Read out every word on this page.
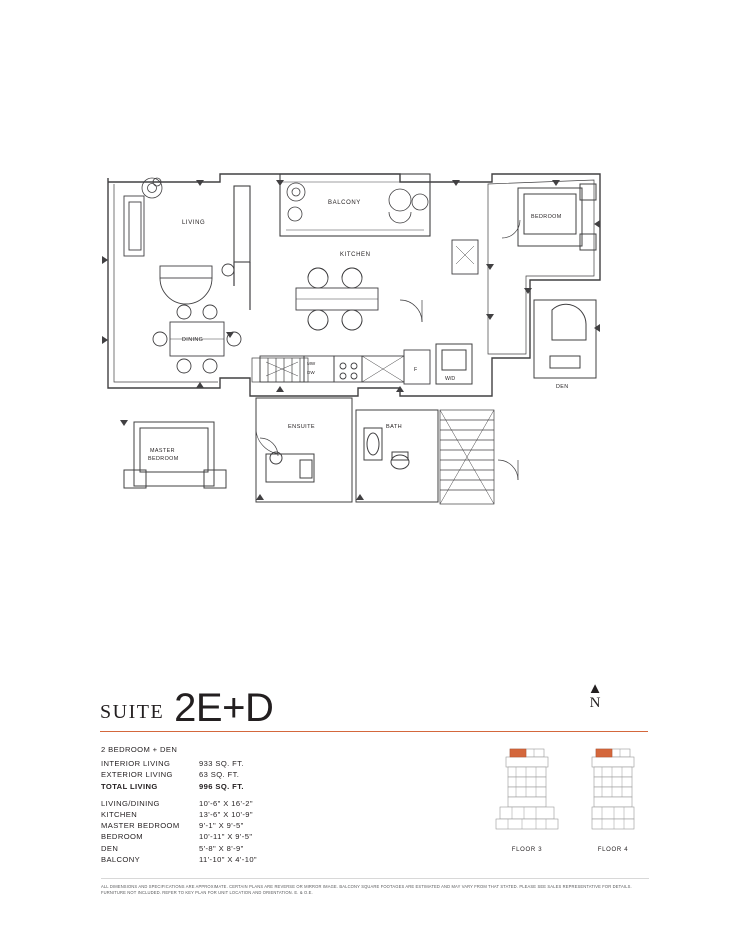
BALCONY
LIVING
KITCHEN
MW
DW	F
W/D
DINING
MASTER
BEDROOM
ENSUITE	BATH
BEDROOM
DEN
SUITE 2E+D	▲
N
2 BEDROOM + DEN
INTERIOR LIVING	933 SQ. FT.
EXTERIOR LIVING	63 SQ. FT.
TOTAL LIVING	996 SQ. FT.
LIVING/DINING	10'-6" X 16'-2"
KITCHEN	13'-6" X 10'-9"
MASTER BEDROOM	9'-1" X 9'-5"
BEDROOM	10'-11" X 9'-5"
DEN	5'-8" X 8'-9"
BALCONY	11'-10" X 4'-10"
FLOOR 3	FLOOR 4
ALL DIMENSIONS AND SPECIFICATIONS ARE APPROXIMATE. CERTAIN PLANS ARE REVERSE OR MIRROR IMAGE. BALCONY SQUARE FOOTAGES ARE ESTIMATED AND MAY VARY FROM THAT STATED. PLEASE SEE SALES REPRESENTATIVE FOR DETAILS. FURNITURE NOT INCLUDED. REFER TO KEY PLAN FOR UNIT LOCATION AND ORIENTATION. E. & O.E.
